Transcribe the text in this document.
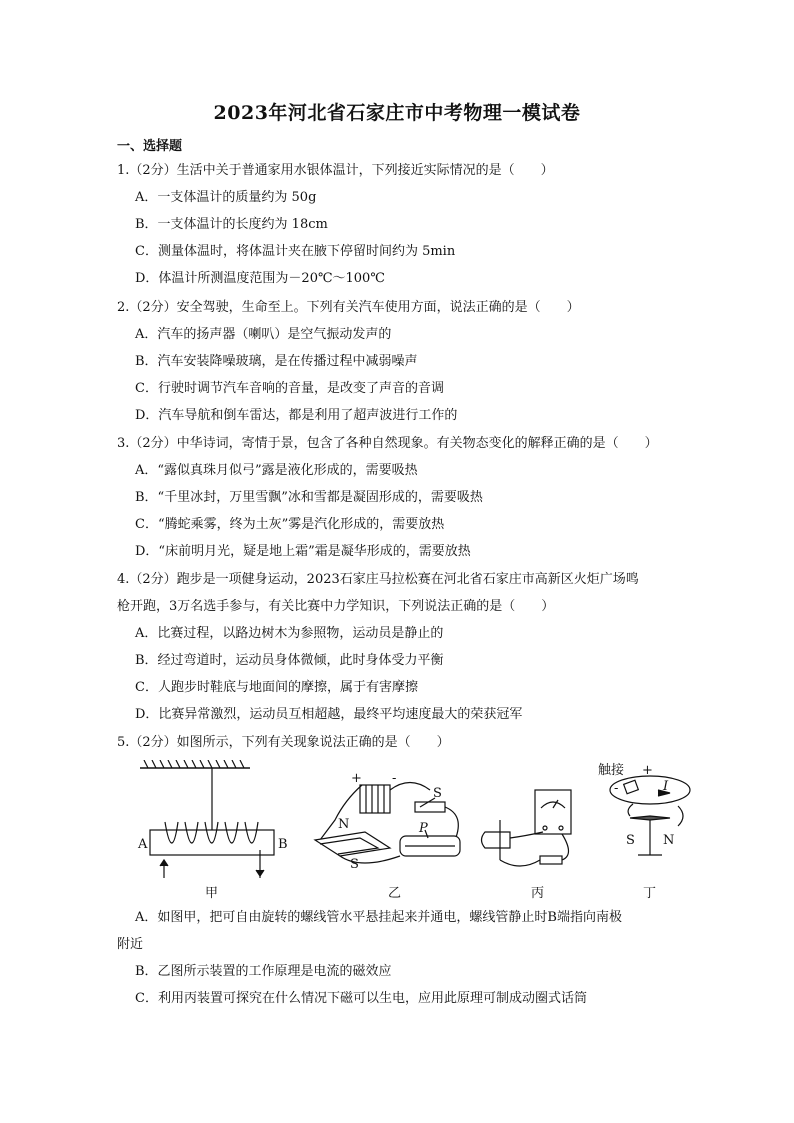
2023年河北省石家庄市中考物理一模试卷
一、选择题
1.（2分）生活中关于普通家用水银体温计，下列接近实际情况的是（　　）
A．一支体温计的质量约为 50g
B．一支体温计的长度约为 18cm
C．测量体温时，将体温计夹在腋下停留时间约为 5min
D．体温计所测温度范围为－20℃～100℃
2.（2分）安全驾驶，生命至上。下列有关汽车使用方面，说法正确的是（　　）
A．汽车的扬声器（喇叭）是空气振动发声的
B．汽车安装降噪玻璃，是在传播过程中减弱噪声
C．行驶时调节汽车音响的音量，是改变了声音的音调
D．汽车导航和倒车雷达，都是利用了超声波进行工作的
3.（2分）中华诗词，寄情于景，包含了各种自然现象。有关物态变化的解释正确的是（　　）
A．“露似真珠月似弓”露是液化形成的，需要吸热
B．“千里冰封，万里雪飘”冰和雪都是凝固形成的，需要吸热
C．“腾蛇乘雾，终为土灰”雾是汽化形成的，需要放热
D．“床前明月光，疑是地上霜”霜是凝华形成的，需要放热
4.（2分）跑步是一项健身运动，2023石家庄马拉松赛在河北省石家庄市高新区火炬广场鸣
枪开跑，3万名选手参与，有关比赛中力学知识，下列说法正确的是（　　）
A．比赛过程，以路边树木为参照物，运动员是静止的
B．经过弯道时，运动员身体微倾，此时身体受力平衡
C．人跑步时鞋底与地面间的摩擦，属于有害摩擦
D．比赛异常激烈，运动员互相超越，最终平均速度最大的荣获冠军
5.（2分）如图所示，下列有关现象说法正确的是（　　）
A	B
甲
+ -
S
N
S
P
乙	丙
触接
-
+
I
S N
丁
A．如图甲，把可自由旋转的螺线管水平悬挂起来并通电，螺线管静止时B端指向南极
附近
B．乙图所示装置的工作原理是电流的磁效应
C．利用丙装置可探究在什么情况下磁可以生电，应用此原理可制成动圈式话筒
